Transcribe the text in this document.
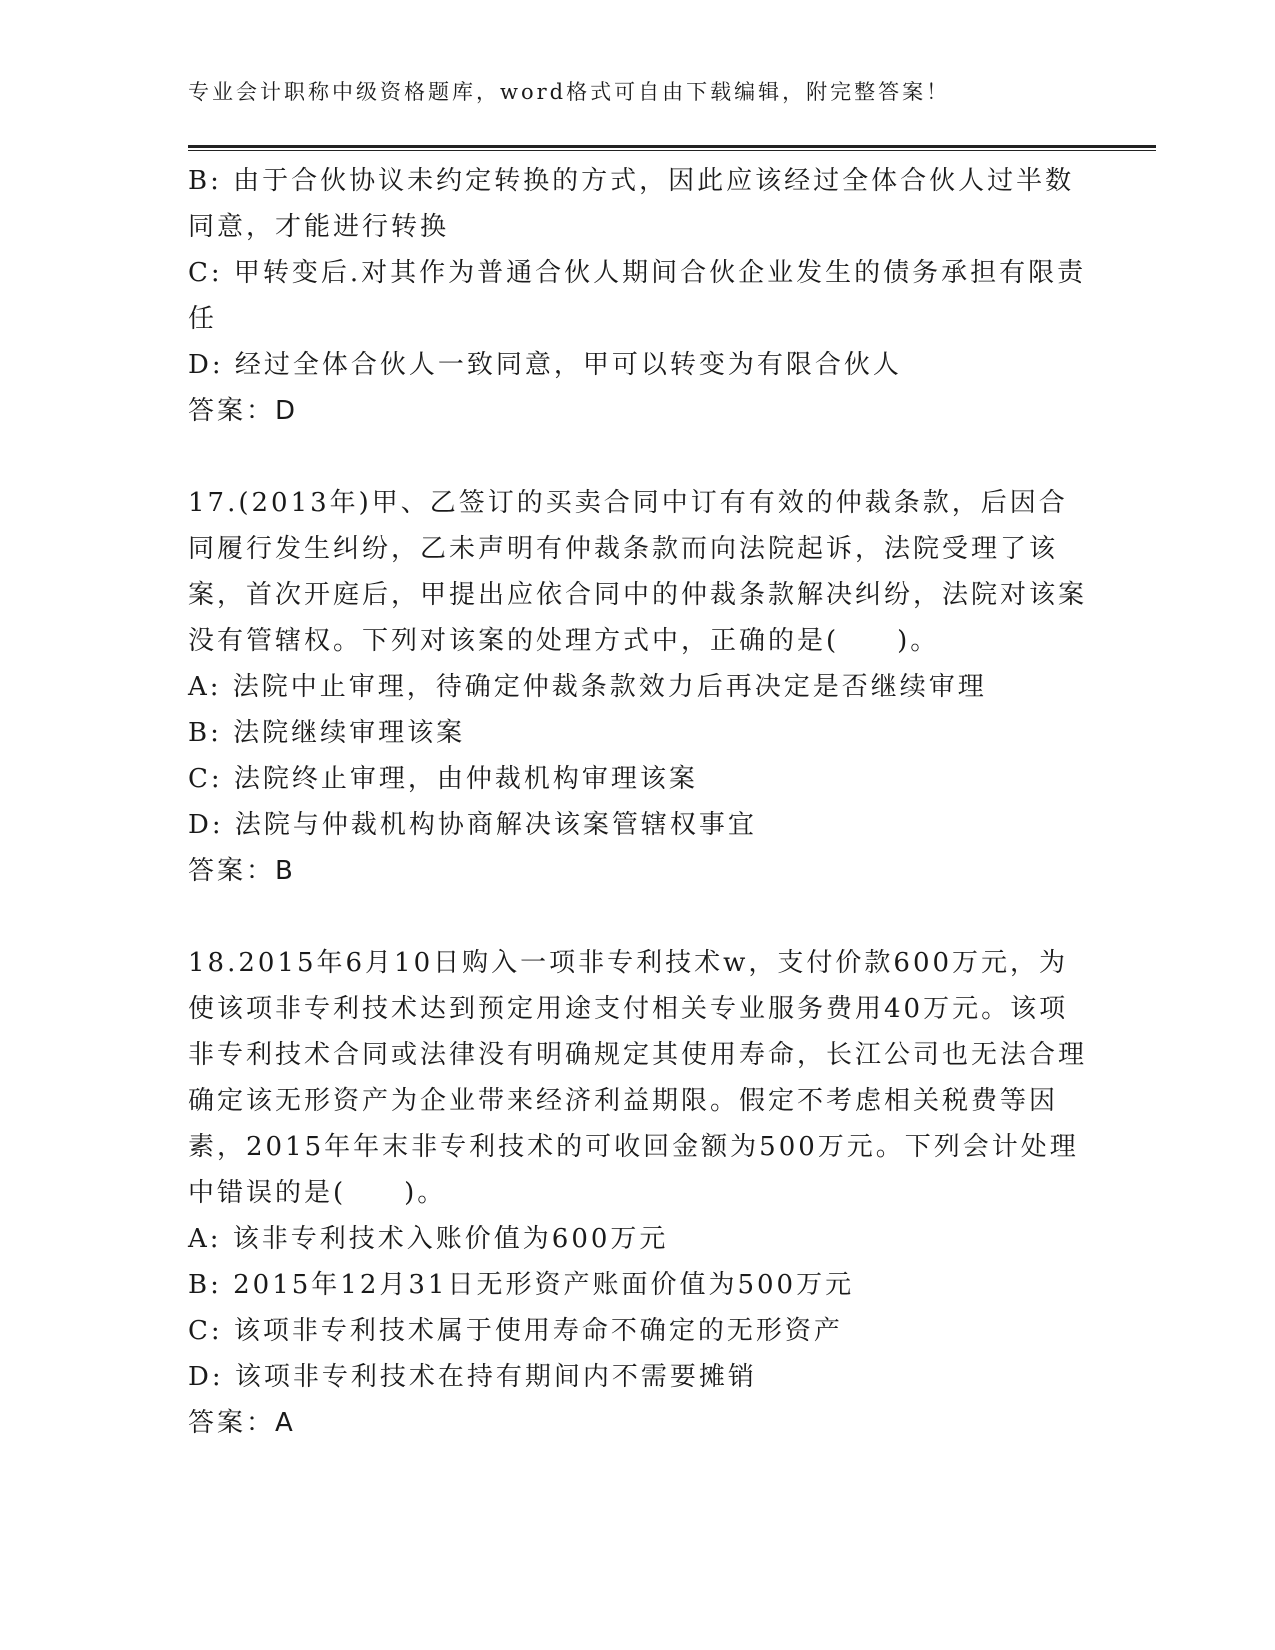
专业会计职称中级资格题库，word格式可自由下载编辑，附完整答案！

B: 由于合伙协议未约定转换的方式，因此应该经过全体合伙人过半数同意，才能进行转换

C: 甲转变后.对其作为普通合伙人期间合伙企业发生的债务承担有限责任

D: 经过全体合伙人一致同意，甲可以转变为有限合伙人

答案：D

17.(2013年)甲、乙签订的买卖合同中订有有效的仲裁条款，后因合同履行发生纠纷，乙未声明有仲裁条款而向法院起诉，法院受理了该案，首次开庭后，甲提出应依合同中的仲裁条款解决纠纷，法院对该案没有管辖权。下列对该案的处理方式中，正确的是(　　)。

A: 法院中止审理，待确定仲裁条款效力后再决定是否继续审理

B: 法院继续审理该案

C: 法院终止审理，由仲裁机构审理该案

D: 法院与仲裁机构协商解决该案管辖权事宜

答案：B

18.2015年6月10日购入一项非专利技术w，支付价款600万元，为使该项非专利技术达到预定用途支付相关专业服务费用40万元。该项非专利技术合同或法律没有明确规定其使用寿命，长江公司也无法合理确定该无形资产为企业带来经济利益期限。假定不考虑相关税费等因素，2015年年末非专利技术的可收回金额为500万元。下列会计处理中错误的是(　　)。

A: 该非专利技术入账价值为600万元

B: 2015年12月31日无形资产账面价值为500万元

C: 该项非专利技术属于使用寿命不确定的无形资产

D: 该项非专利技术在持有期间内不需要摊销

答案：A
